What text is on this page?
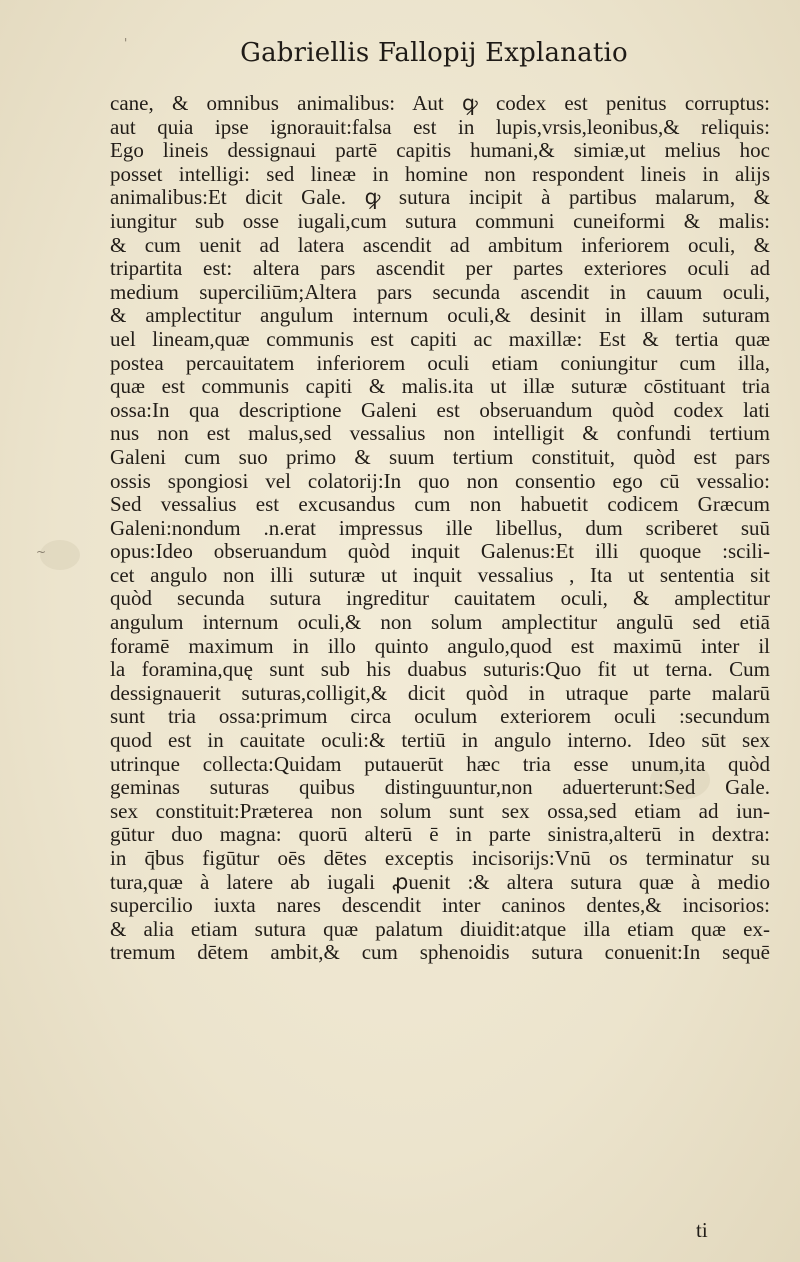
'
~
Gabriellis Fallopij Explanatio
cane, & omnibus animalibus: Aut ꝙ codex est penitus corruptus:
aut quia ipse ignorauit:falsa est in lupis,vrsis,leonibus,& reliquis:
Ego lineis dessignaui partē capitis humani,& simiæ,ut melius hoc
posset intelligi: sed lineæ in homine non respondent lineis in alijs
animalibus:Et dicit Gale. ꝙ sutura incipit à partibus malarum, &
iungitur sub osse iugali,cum sutura communi cuneiformi & malis:
& cum uenit ad latera ascendit ad ambitum inferiorem oculi, &
tripartita est: altera pars ascendit per partes exteriores oculi ad
medium superciliūm;Altera pars secunda ascendit in cauum oculi,
& amplectitur angulum internum oculi,& desinit in illam suturam
uel lineam,quæ communis est capiti ac maxillæ: Est & tertia quæ
postea percauitatem inferiorem oculi etiam coniungitur cum illa,
quæ est communis capiti & malis.ita ut illæ suturæ cōstituant tria
ossa:In qua descriptione Galeni est obseruandum quòd codex lati
nus non est malus,sed vessalius non intelligit & confundi tertium
Galeni cum suo primo & suum tertium constituit, quòd est pars
ossis spongiosi vel colatorij:In quo non consentio ego cū vessalio:
Sed vessalius est excusandus cum non habuetit codicem Græcum
Galeni:nondum .n.erat impressus ille libellus, dum scriberet suū
opus:Ideo obseruandum quòd inquit Galenus:Et illi quoque :scili-
cet angulo non illi suturæ ut inquit vessalius , Ita ut sententia sit
quòd secunda sutura ingreditur cauitatem oculi, & amplectitur
angulum internum oculi,& non solum amplectitur angulū sed etiā
foramē maximum in illo quinto angulo,quod est maximū inter il
la foramina,quę sunt sub his duabus suturis:Quo fit ut terna. Cum
dessignauerit suturas,colligit,& dicit quòd in utraque parte malarū
sunt tria ossa:primum circa oculum exteriorem oculi :secundum
quod est in cauitate oculi:& tertiū in angulo interno. Ideo sūt sex
utrinque collecta:Quidam putauerūt hæc tria esse unum,ita quòd
geminas suturas quibus distinguuntur,non aduerterunt:Sed Gale.
sex constituit:Præterea non solum sunt sex ossa,sed etiam ad iun-
gūtur duo magna: quorū alterū ē in parte sinistra,alterū in dextra:
in q̄bus figūtur oēs dētes exceptis incisorijs:Vnū os terminatur su
tura,quæ à latere ab iugali ꝓuenit :& altera sutura quæ à medio
supercilio iuxta nares descendit inter caninos dentes,& incisorios:
& alia etiam sutura quæ palatum diuidit:atque illa etiam quæ ex-
tremum dētem ambit,& cum sphenoidis sutura conuenit:In sequē
ti
